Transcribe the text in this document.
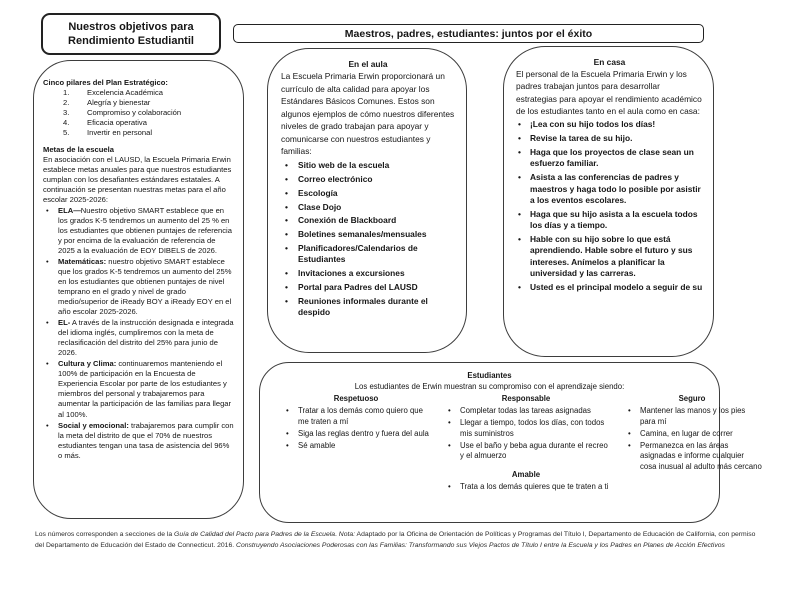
Nuestros objetivos para Rendimiento Estudiantil
Maestros, padres, estudiantes: juntos por el éxito
Cinco pilares del Plan Estratégico:
1.	Excelencia Académica
2.	Alegría y bienestar
3.	Compromiso y colaboración
4.	Eficacia operativa
5.	Invertir en personal
Metas de la escuela
En asociación con el LAUSD, la Escuela Primaria Erwin establece metas anuales para que nuestros estudiantes cumplan con los desafiantes estándares estatales. A continuación se presentan nuestras metas para el año escolar 2025-2026:
•	ELA—Nuestro objetivo SMART establece que en los grados K-5 tendremos un aumento del 25 % en los estudiantes que obtienen puntajes de referencia y por encima de la evaluación de referencia de 2025 a la evaluación de EOY DIBELS de 2026.
•	Matemáticas: nuestro objetivo SMART establece que los grados K-5 tendremos un aumento del 25% en los estudiantes que obtienen puntajes de nivel temprano en el grado y nivel de grado medio/superior de iReady BOY a iReady EOY en el año escolar 2025-2026.
•	EL- A través de la instrucción designada e integrada del idioma inglés, cumpliremos con la meta de reclasificación del distrito del 25% para junio de 2026.
•	Cultura y Clima: continuaremos manteniendo el 100% de participación en la Encuesta de Experiencia Escolar por parte de los estudiantes y miembros del personal y trabajaremos para aumentar la participación de las familias para llegar al 100%.
•	Social y emocional: trabajaremos para cumplir con la meta del distrito de que el 70% de nuestros estudiantes tengan una tasa de asistencia del 96% o más.
En el aula
La Escuela Primaria Erwin proporcionará un currículo de alta calidad para apoyar los Estándares Básicos Comunes. Estos son algunos ejemplos de cómo nuestros diferentes niveles de grado trabajan para apoyar y comunicarse con nuestros estudiantes y familias:
•	Sitio web de la escuela
•	Correo electrónico
•	Escología
•	Clase Dojo
•	Conexión de Blackboard
•	Boletines semanales/mensuales
•	Planificadores/Calendarios de Estudiantes
•	Invitaciones a excursiones
•	Portal para Padres del LAUSD
•	Reuniones informales durante el despido
En casa
El personal de la Escuela Primaria Erwin y los padres trabajan juntos para desarrollar estrategias para apoyar el rendimiento académico de los estudiantes tanto en el aula como en casa:
•	¡Lea con su hijo todos los días!
•	Revise la tarea de su hijo.
•	Haga que los proyectos de clase sean un esfuerzo familiar.
•	Asista a las conferencias de padres y maestros y haga todo lo posible por asistir a los eventos escolares.
•	Haga que su hijo asista a la escuela todos los días y a tiempo.
•	Hable con su hijo sobre lo que está aprendiendo. Hable sobre el futuro y sus intereses. Anímelos a planificar la universidad y las carreras.
•	Usted es el principal modelo a seguir de su
Estudiantes
Los estudiantes de Erwin muestran su compromiso con el aprendizaje siendo:
Respetuoso
•	Tratar a los demás como quiero que me traten a mí
•	Siga las reglas dentro y fuera del aula
•	Sé amable
Responsable
•	Completar todas las tareas asignadas
•	Llegar a tiempo, todos los días, con todos mis suministros
•	Use el baño y beba agua durante el recreo y el almuerzo
Amable
•	Trata a los demás quieres que te traten a ti
Seguro
•	Mantener las manos y los pies para mí
•	Camina, en lugar de correr
•	Permanezca en las áreas asignadas e informe cualquier cosa inusual al adulto más cercano
Los números corresponden a secciones de la Guía de Calidad del Pacto para Padres de la Escuela. Nota: Adaptado por la Oficina de Orientación de Políticas y Programas del Título I, Departamento de Educación de California, con permiso del Departamento de Educación del Estado de Connecticut. 2016. Construyendo Asociaciones Poderosas con las Familias: Transformando sus Viejos Pactos de Título I entre la Escuela y los Padres en Planes de Acción Efectivos
